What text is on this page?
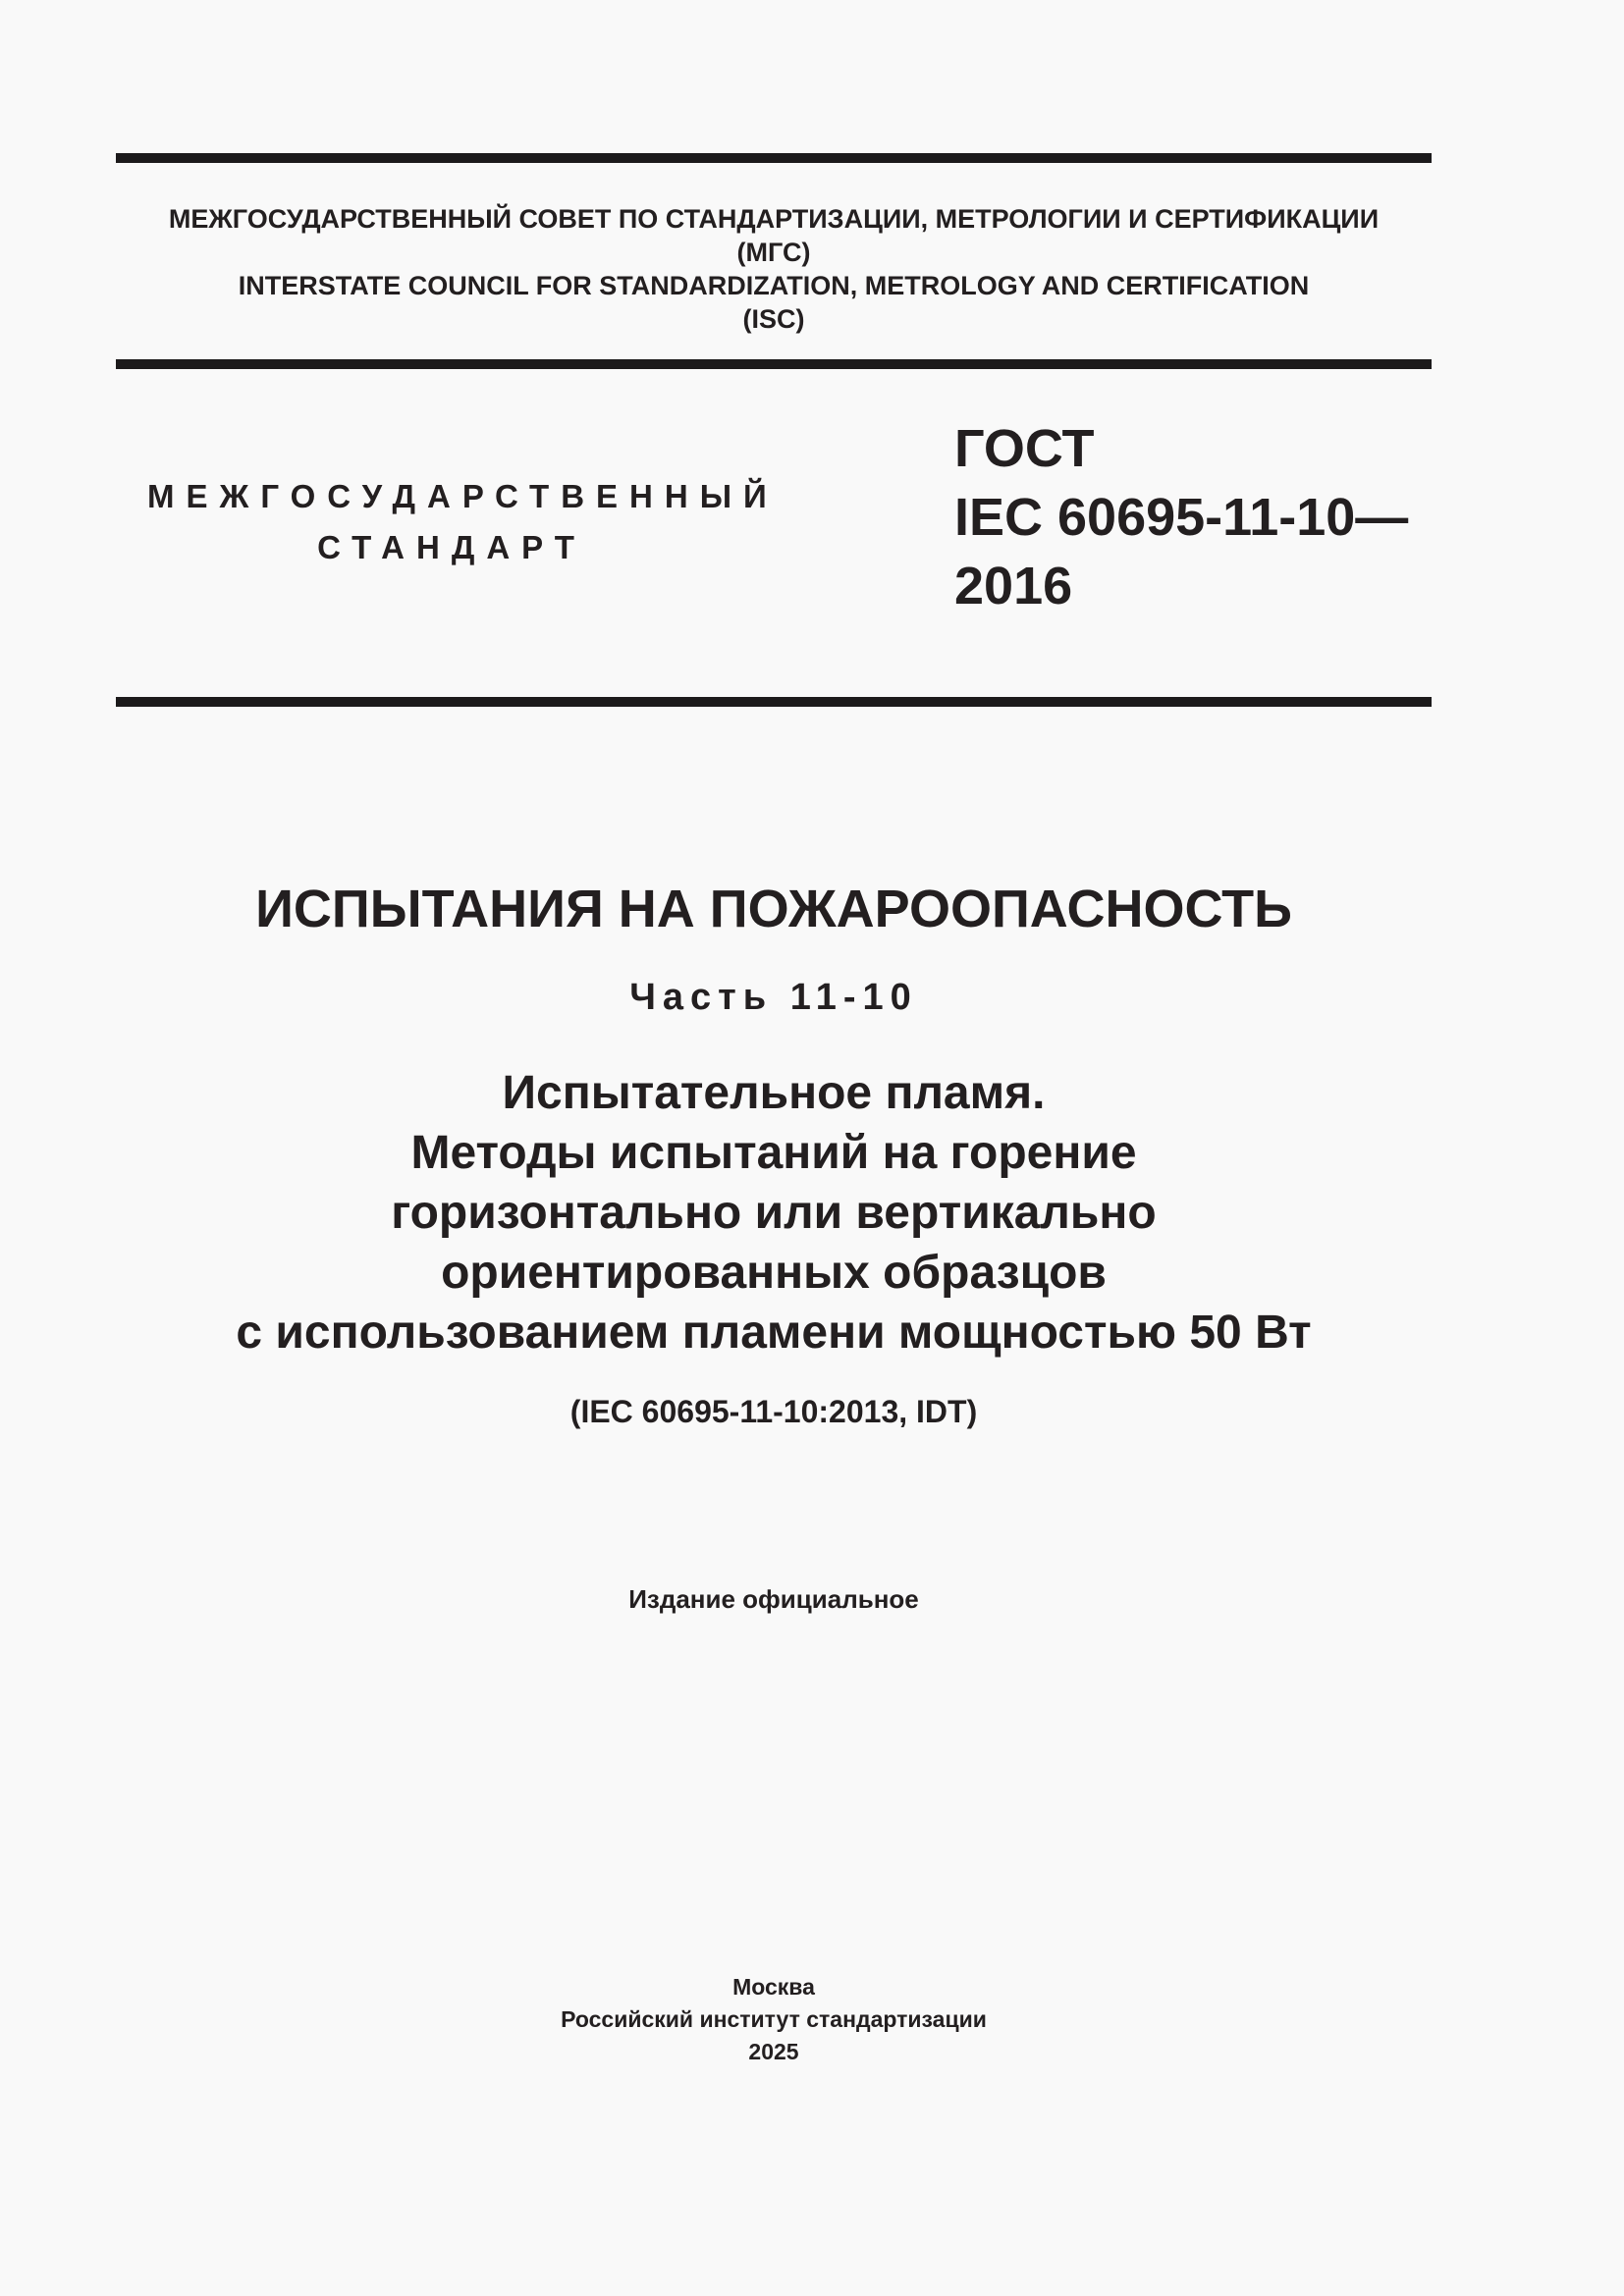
МЕЖГОСУДАРСТВЕННЫЙ СОВЕТ ПО СТАНДАРТИЗАЦИИ, МЕТРОЛОГИИ И СЕРТИФИКАЦИИ
(МГС)
INTERSTATE COUNCIL FOR STANDARDIZATION, METROLOGY AND CERTIFICATION
(ISC)
МЕЖГОСУДАРСТВЕННЫЙ
СТАНДАРТ
ГОСТ
IEC 60695-11-10—
2016
ИСПЫТАНИЯ НА ПОЖАРООПАСНОСТЬ
Часть 11-10
Испытательное пламя.
Методы испытаний на горение
горизонтально или вертикально
ориентированных образцов
с использованием пламени мощностью 50 Вт
(IEC 60695-11-10:2013, IDT)
Издание официальное
Москва
Российский институт стандартизации
2025
